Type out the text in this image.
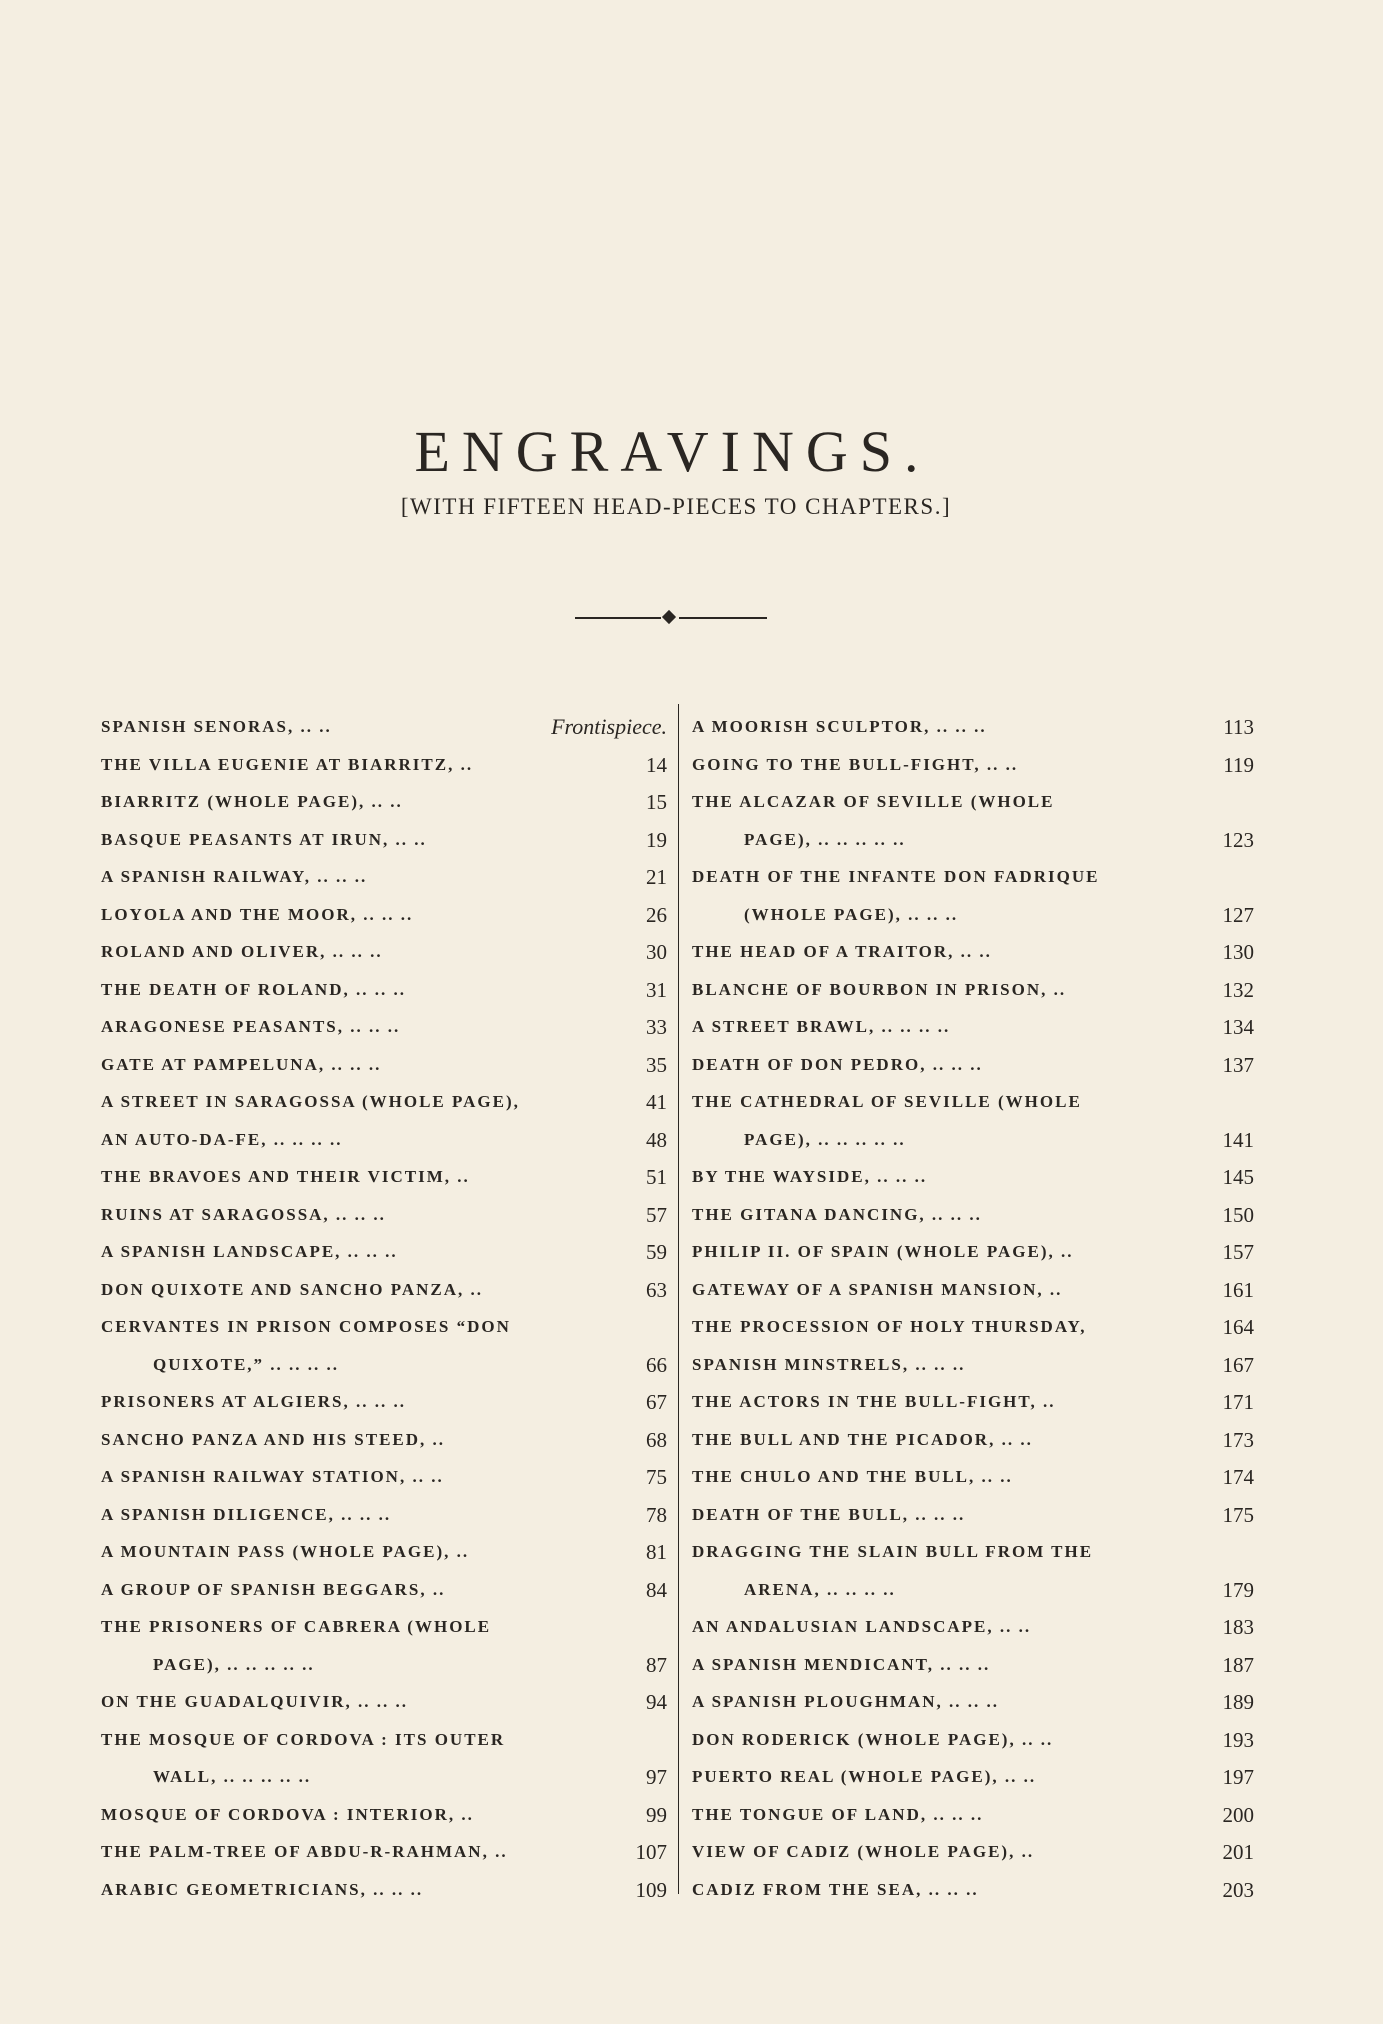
ENGRAVINGS.
[WITH FIFTEEN HEAD-PIECES TO CHAPTERS.]
SPANISH SENORAS, .. ..	Frontispiece.
THE VILLA EUGENIE AT BIARRITZ, ..	14
BIARRITZ (WHOLE PAGE), .. ..	15
BASQUE PEASANTS AT IRUN, .. ..	19
A SPANISH RAILWAY, .. .. ..	21
LOYOLA AND THE MOOR, .. .. ..	26
ROLAND AND OLIVER, .. .. ..	30
THE DEATH OF ROLAND, .. .. ..	31
ARAGONESE PEASANTS, .. .. ..	33
GATE AT PAMPELUNA, .. .. ..	35
A STREET IN SARAGOSSA (WHOLE PAGE),	41
AN AUTO-DA-FE, .. .. .. ..	48
THE BRAVOES AND THEIR VICTIM, ..	51
RUINS AT SARAGOSSA, .. .. ..	57
A SPANISH LANDSCAPE, .. .. ..	59
DON QUIXOTE AND SANCHO PANZA, ..	63
CERVANTES IN PRISON COMPOSES “DON
QUIXOTE,” .. .. .. ..	66
PRISONERS AT ALGIERS, .. .. ..	67
SANCHO PANZA AND HIS STEED, ..	68
A SPANISH RAILWAY STATION, .. ..	75
A SPANISH DILIGENCE, .. .. ..	78
A MOUNTAIN PASS (WHOLE PAGE), ..	81
A GROUP OF SPANISH BEGGARS, ..	84
THE PRISONERS OF CABRERA (WHOLE
PAGE), .. .. .. .. ..	87
ON THE GUADALQUIVIR, .. .. ..	94
THE MOSQUE OF CORDOVA : ITS OUTER
WALL, .. .. .. .. ..	97
MOSQUE OF CORDOVA : INTERIOR, ..	99
THE PALM-TREE OF ABDU-R-RAHMAN, ..	107
ARABIC GEOMETRICIANS, .. .. ..	109
A MOORISH SCULPTOR, .. .. ..	113
GOING TO THE BULL-FIGHT, .. ..	119
THE ALCAZAR OF SEVILLE (WHOLE
PAGE), .. .. .. .. ..	123
DEATH OF THE INFANTE DON FADRIQUE
(WHOLE PAGE), .. .. ..	127
THE HEAD OF A TRAITOR, .. ..	130
BLANCHE OF BOURBON IN PRISON, ..	132
A STREET BRAWL, .. .. .. ..	134
DEATH OF DON PEDRO, .. .. ..	137
THE CATHEDRAL OF SEVILLE (WHOLE
PAGE), .. .. .. .. ..	141
BY THE WAYSIDE, .. .. ..	145
THE GITANA DANCING, .. .. ..	150
PHILIP II. OF SPAIN (WHOLE PAGE), ..	157
GATEWAY OF A SPANISH MANSION, ..	161
THE PROCESSION OF HOLY THURSDAY,	164
SPANISH MINSTRELS, .. .. ..	167
THE ACTORS IN THE BULL-FIGHT, ..	171
THE BULL AND THE PICADOR, .. ..	173
THE CHULO AND THE BULL, .. ..	174
DEATH OF THE BULL, .. .. ..	175
DRAGGING THE SLAIN BULL FROM THE
ARENA, .. .. .. ..	179
AN ANDALUSIAN LANDSCAPE, .. ..	183
A SPANISH MENDICANT, .. .. ..	187
A SPANISH PLOUGHMAN, .. .. ..	189
DON RODERICK (WHOLE PAGE), .. ..	193
PUERTO REAL (WHOLE PAGE), .. ..	197
THE TONGUE OF LAND, .. .. ..	200
VIEW OF CADIZ (WHOLE PAGE), ..	201
CADIZ FROM THE SEA, .. .. ..	203
